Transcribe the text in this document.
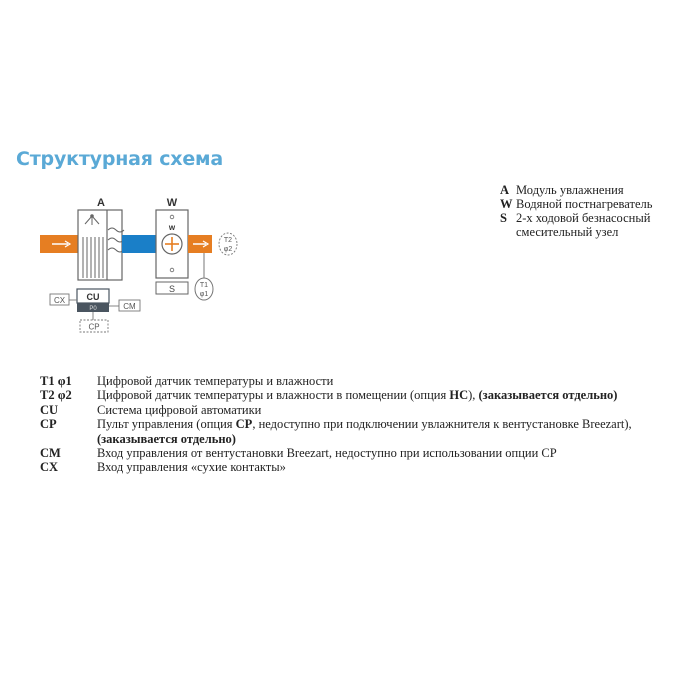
Структурная схема
A	W
w
S
T2
φ2
T1
φ1
CU
P0
CX
CM
CP
A Модуль увлажнения
W Водяной постнагреватель
S 2-х ходовой безнасосный
смесительный узел
T1 φ1	Цифровой датчик температуры и влажности
T2 φ2	Цифровой датчик температуры и влажности в помещении (опция HC), (заказывается отдельно)
CU	Система цифровой автоматики
CP	Пульт управления (опция CP, недоступно при подключении увлажнителя к вентустановке Breezart),
(заказывается отдельно)
CM	Вход управления от вентустановки Breezart, недоступно при использовании опции CP
CX	Вход управления «сухие контакты»
